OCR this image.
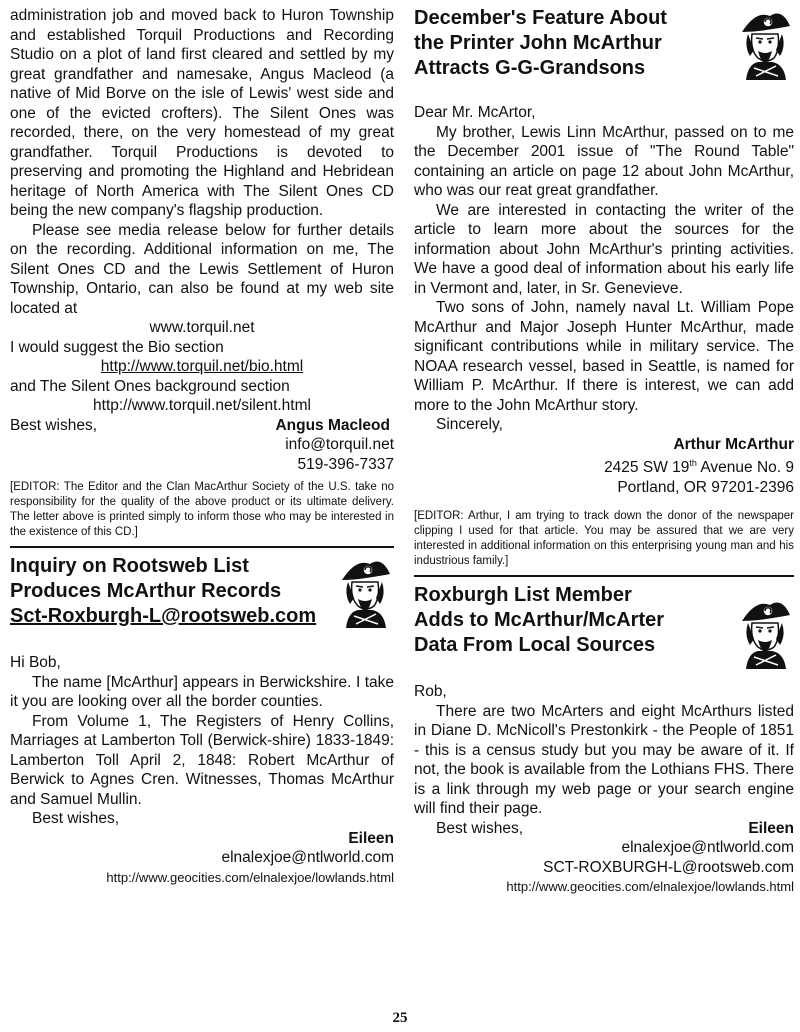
administration job and moved back to Huron Township and established Torquil Productions and Recording Studio on a plot of land first cleared and settled by my great grandfather and namesake, Angus Macleod (a native of Mid Borve on the isle of Lewis' west side and one of the evicted crofters). The Silent Ones was recorded, there, on the very homestead of my great grandfather. Torquil Productions is devoted to preserving and promoting the Highland and Hebridean heritage of North America with The Silent Ones CD being the new company's flagship production.

Please see media release below for further details on the recording. Additional information on me, The Silent Ones CD and the Lewis Settlement of Huron Township, Ontario, can also be found at my web site located at

www.torquil.net

I would suggest the Bio section

http://www.torquil.net/bio.html

and The Silent Ones background section

http://www.torquil.net/silent.html

Best wishes,	Angus Macleod

info@torquil.net

519-396-7337

[EDITOR: The Editor and the Clan MacArthur Society of the U.S. take no responsibility for the quality of the above product or its ultimate delivery. The letter above is printed simply to inform those who may be interested in the existence of this CD.]

Inquiry on Rootsweb List

Produces McArthur Records

Sct-Roxburgh-L@rootsweb.com

Hi Bob,

The name [McArthur] appears in Berwickshire. I take it you are looking over all the border counties.

From Volume 1, The Registers of Henry Collins, Marriages at Lamberton Toll (Berwick-shire) 1833-1849: Lamberton Toll April 2, 1848: Robert McArthur of Berwick to Agnes Cren. Witnesses, Thomas McArthur and Samuel Mullin.

Best wishes,

Eileen

elnalexjoe@ntlworld.com

http://www.geocities.com/elnalexjoe/lowlands.html

December's Feature About

the Printer John McArthur

Attracts G-G-Grandsons

Dear Mr. McArtor,

My brother, Lewis Linn McArthur, passed on to me the December 2001 issue of "The Round Table" containing an article on page 12 about John McArthur, who was our reat great grandfather.

We are interested in contacting the writer of the article to learn more about the sources for the information about John McArthur's printing activities. We have a good deal of information about his early life in Vermont and, later, in Sr. Genevieve.

Two sons of John, namely naval Lt. William Pope McArthur and Major Joseph Hunter McArthur, made significant contributions while in military service. The NOAA research vessel, based in Seattle, is named for William P. McArthur. If there is interest, we can add more to the John McArthur story.

Sincerely,

Arthur McArthur

2425 SW 19th Avenue No. 9

Portland, OR 97201-2396

[EDITOR: Arthur, I am trying to track down the donor of the newspaper clipping I used for that article. You may be assured that we are very interested in additional information on this enterprising young man and his industrious family.]

Roxburgh List Member

Adds to McArthur/McArter

Data From Local Sources

Rob,

There are two McArters and eight McArthurs listed in Diane D. McNicoll's Prestonkirk - the People of 1851 - this is a census study but you may be aware of it. If not, the book is available from the Lothians FHS. There is a link through my web page or your search engine will find their page.

Best wishes,	Eileen

elnalexjoe@ntlworld.com

SCT-ROXBURGH-L@rootsweb.com

http://www.geocities.com/elnalexjoe/lowlands.html

25
